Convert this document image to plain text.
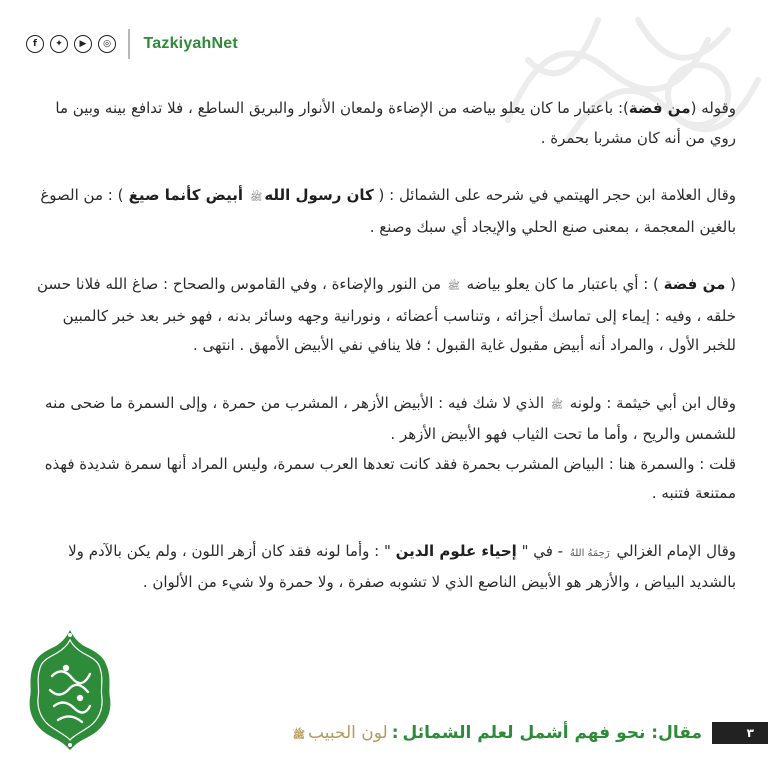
f	✦	▶	◎	TazkiyahNet
وقوله (من فضة): باعتبار ما كان يعلو بياضه من الإضاءة ولمعان الأنوار والبريق الساطع ، فلا تدافع بينه وبين ما روي من أنه كان مشربا بحمرة .
وقال العلامة ابن حجر الهيتمي في شرحه على الشمائل : ( كان رسول اللهﷺ أبيض كأنما صيغ ) : من الصوغ بالغين المعجمة ، بمعنى صنع الحلي والإيجاد أي سبك وصنع .
( من فضة ) : أي باعتبار ما كان يعلو بياضه ﷺ من النور والإضاءة ، وفي القاموس والصحاح : صاغ الله فلانا حسن خلقه ، وفيه : إيماء إلى تماسك أجزائه ، وتناسب أعضائه ، ونورانية وجهه وسائر بدنه ، فهو خبر بعد خبر كالمبين للخبر الأول ، والمراد أنه أبيض مقبول غاية القبول ؛ فلا ينافي نفي الأبيض الأمهق . انتهى .

وقال ابن أبي خيثمة : ولونه ﷺ الذي لا شك فيه : الأبيض الأزهر ، المشرب من حمرة ، وإلى السمرة ما ضحى منه للشمس والريح ، وأما ما تحت الثياب فهو الأبيض الأزهر .

قلت : والسمرة هنا : البياض المشرب بحمرة فقد كانت تعدها العرب سمرة، وليس المراد أنها سمرة شديدة فهذه ممتنعة فتنبه .

وقال الإمام الغزالي رَحِمَهُ اللهُ - في " إحياء علوم الدين " : وأما لونه فقد كان أزهر اللون ، ولم يكن بالآدم ولا بالشديد البياض ، والأزهر هو الأبيض الناصع الذي لا تشوبه صفرة ، ولا حمرة ولا شيء من الألوان .
٣
مقال: نحو فهم أشمل لعلم الشمائل:لون الحبيبﷺ
